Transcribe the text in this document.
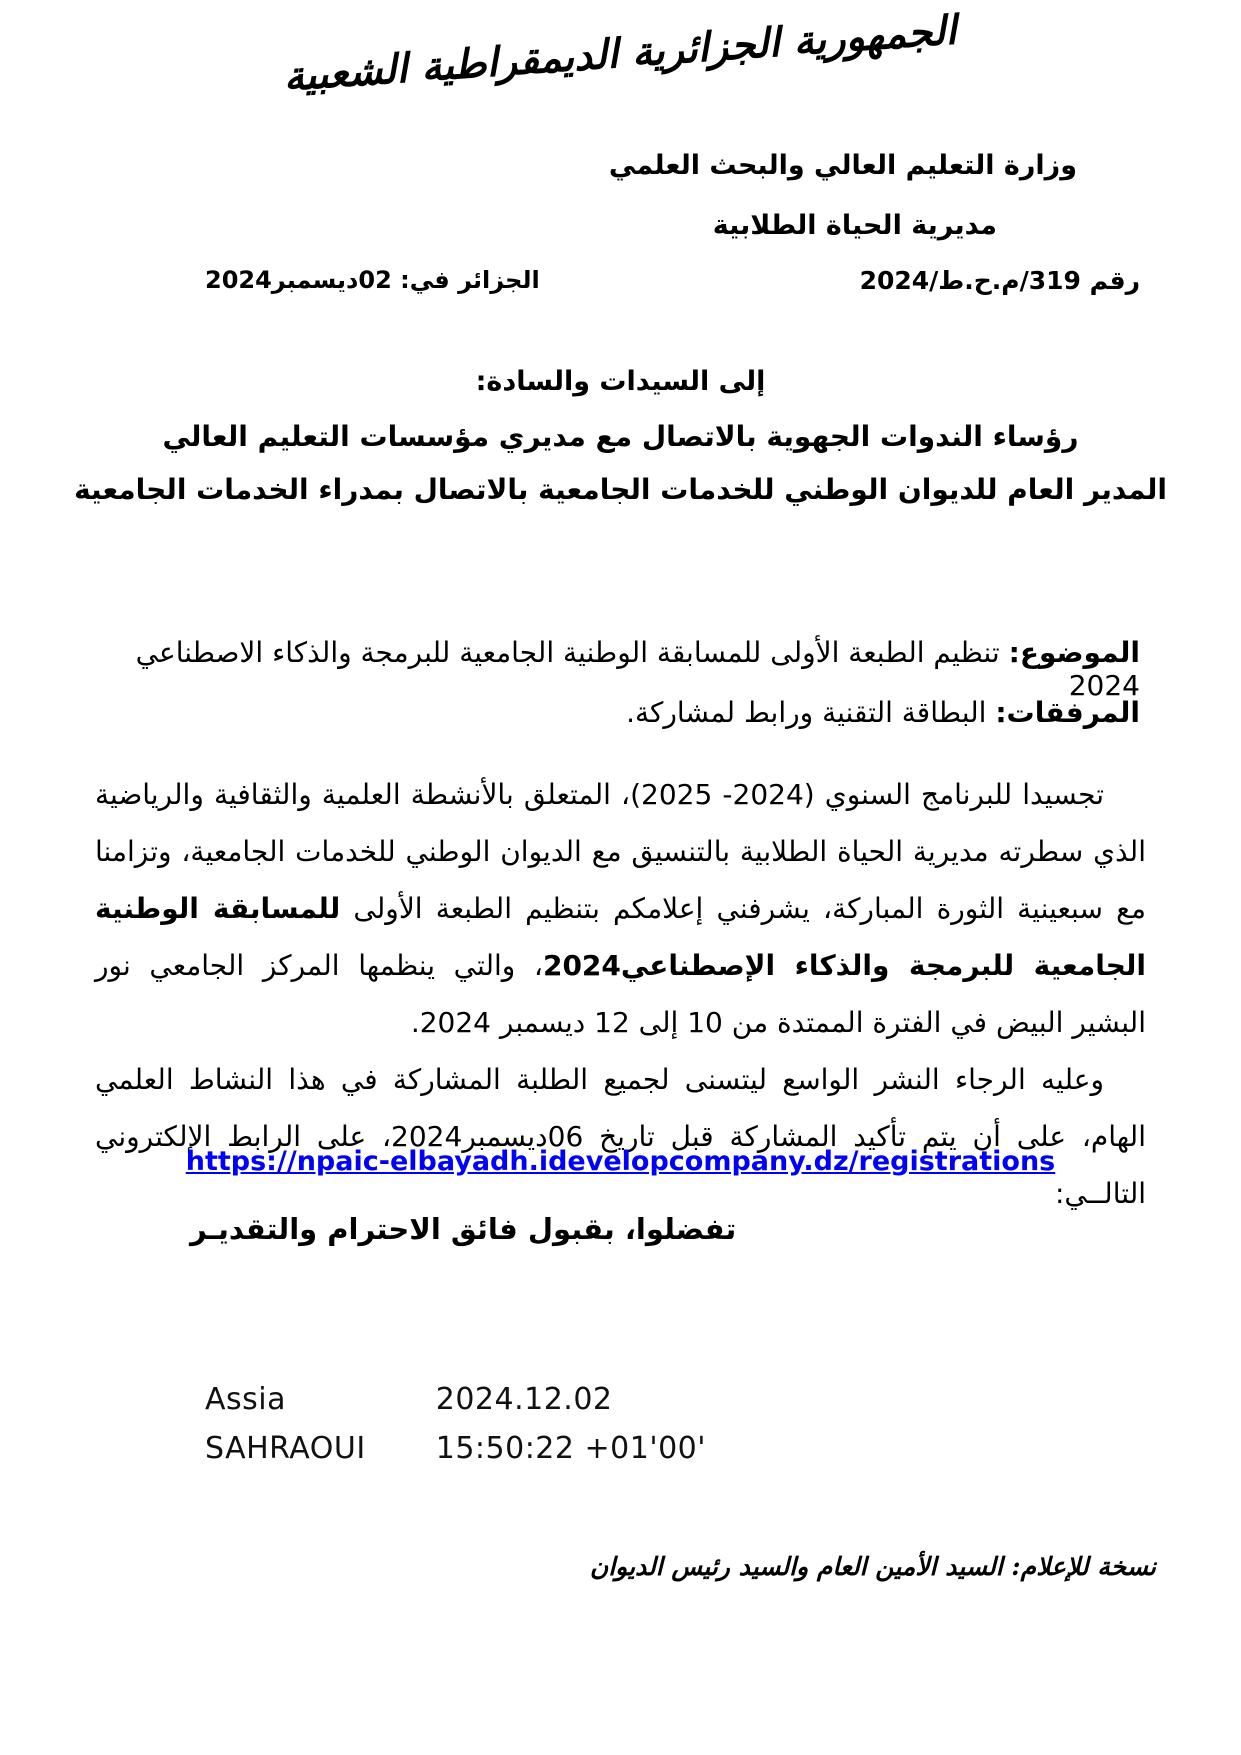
الجمهورية الجزائرية الديمقراطية الشعبية
وزارة التعليم العالي والبحث العلمي
مديرية الحياة الطلابية
رقم 319/م.ح.ط/2024
الجزائر في: 02ديسمبر2024
إلى السيدات والسادة:
رؤساء الندوات الجهوية بالاتصال مع مديري مؤسسات التعليم العالي
المدير العام للديوان الوطني للخدمات الجامعية بالاتصال بمدراء الخدمات الجامعية
الموضوع: تنظيم الطبعة الأولى للمسابقة الوطنية الجامعية للبرمجة والذكاء الاصطناعي 2024
المرفقات: البطاقة التقنية ورابط لمشاركة.

تجسيدا للبرنامج السنوي (2024- 2025)، المتعلق بالأنشطة العلمية والثقافية والرياضية الذي سطرته مديرية الحياة الطلابية بالتنسيق مع الديوان الوطني للخدمات الجامعية، وتزامنا مع سبعينية الثورة المباركة، يشرفني إعلامكم بتنظيم الطبعة الأولى للمسابقة الوطنية الجامعية للبرمجة والذكاء الإصطناعي2024، والتي ينظمها المركز الجامعي نور البشير البيض في الفترة الممتدة من 10 إلى 12 ديسمبر 2024.

وعليه الرجاء النشر الواسع ليتسنى لجميع الطلبة المشاركة في هذا النشاط العلمي الهام، على أن يتم تأكيد المشاركة قبل تاريخ 06ديسمبر2024، على الرابط الإلكتروني التالــي:

https://npaic-elbayadh.idevelopcompany.dz/registrations
تفضلوا، بقبول فائق الاحترام والتقديـر
Assia
SAHRAOUI
2024.12.02
15:50:22 +01'00'
نسخة للإعلام: السيد الأمين العام والسيد رئيس الديوان
